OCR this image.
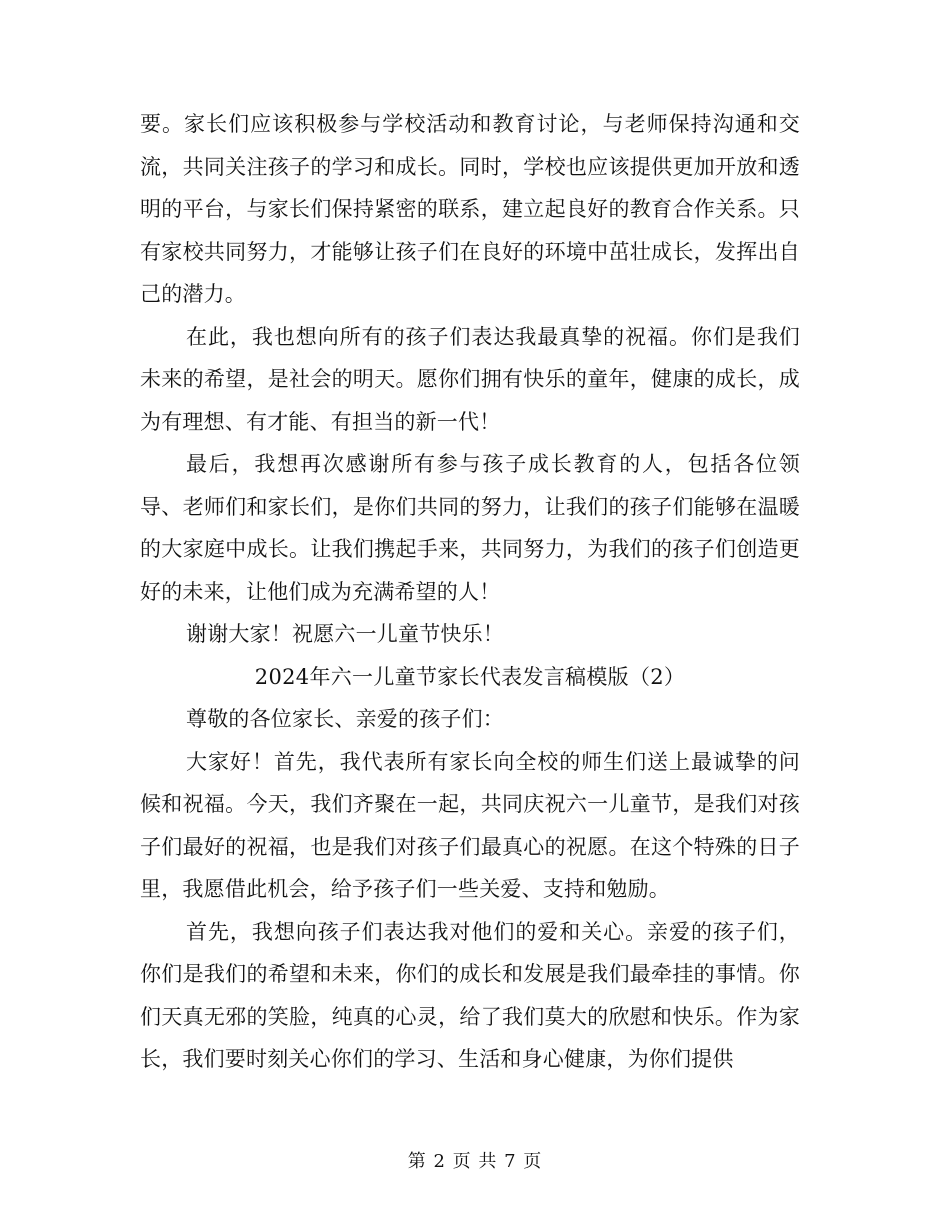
要。家长们应该积极参与学校活动和教育讨论，与老师保持沟通和交流，共同关注孩子的学习和成长。同时，学校也应该提供更加开放和透明的平台，与家长们保持紧密的联系，建立起良好的教育合作关系。只有家校共同努力，才能够让孩子们在良好的环境中茁壮成长，发挥出自己的潜力。

在此，我也想向所有的孩子们表达我最真挚的祝福。你们是我们未来的希望，是社会的明天。愿你们拥有快乐的童年，健康的成长，成为有理想、有才能、有担当的新一代！

最后，我想再次感谢所有参与孩子成长教育的人，包括各位领导、老师们和家长们，是你们共同的努力，让我们的孩子们能够在温暖的大家庭中成长。让我们携起手来，共同努力，为我们的孩子们创造更好的未来，让他们成为充满希望的人！

谢谢大家！祝愿六一儿童节快乐！

2024年六一儿童节家长代表发言稿模版（2）

尊敬的各位家长、亲爱的孩子们：

大家好！首先，我代表所有家长向全校的师生们送上最诚挚的问候和祝福。今天，我们齐聚在一起，共同庆祝六一儿童节，是我们对孩子们最好的祝福，也是我们对孩子们最真心的祝愿。在这个特殊的日子里，我愿借此机会，给予孩子们一些关爱、支持和勉励。

首先，我想向孩子们表达我对他们的爱和关心。亲爱的孩子们，你们是我们的希望和未来，你们的成长和发展是我们最牵挂的事情。你们天真无邪的笑脸，纯真的心灵，给了我们莫大的欣慰和快乐。作为家长，我们要时刻关心你们的学习、生活和身心健康，为你们提供

第 2 页 共 7 页
